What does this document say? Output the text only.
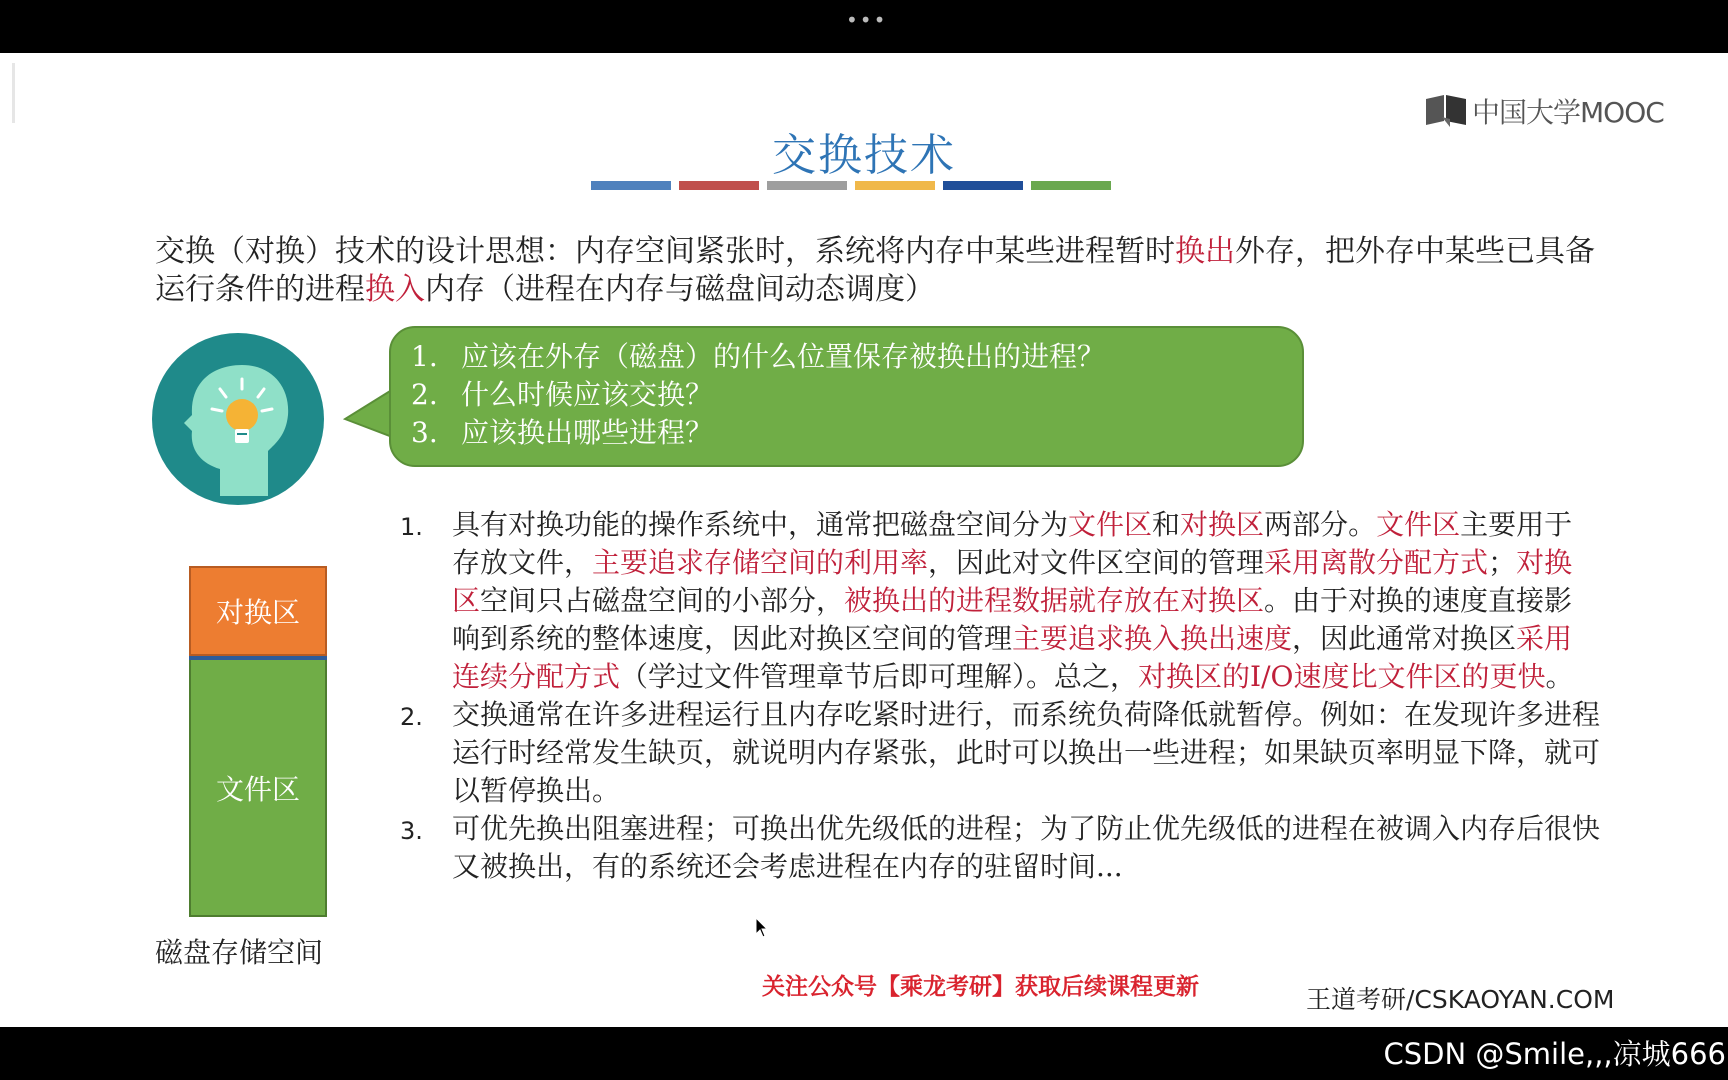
•••
中国大学MOOC
交换技术
交换（对换）技术的设计思想：内存空间紧张时，系统将内存中某些进程暂时换出外存，把外存中某些已具备运行条件的进程换入内存（进程在内存与磁盘间动态调度）
1. 应该在外存（磁盘）的什么位置保存被换出的进程？
2. 什么时候应该交换？
3. 应该换出哪些进程？
对换区
文件区
磁盘存储空间
1.	具有对换功能的操作系统中，通常把磁盘空间分为文件区和对换区两部分。文件区主要用于存放文件，主要追求存储空间的利用率，因此对文件区空间的管理采用离散分配方式；对换区空间只占磁盘空间的小部分，被换出的进程数据就存放在对换区。由于对换的速度直接影响到系统的整体速度，因此对换区空间的管理主要追求换入换出速度，因此通常对换区采用连续分配方式（学过文件管理章节后即可理解）。总之，对换区的I/O速度比文件区的更快。
2.	交换通常在许多进程运行且内存吃紧时进行，而系统负荷降低就暂停。例如：在发现许多进程运行时经常发生缺页，就说明内存紧张，此时可以换出一些进程；如果缺页率明显下降，就可以暂停换出。
3.	可优先换出阻塞进程；可换出优先级低的进程；为了防止优先级低的进程在被调入内存后很快又被换出，有的系统还会考虑进程在内存的驻留时间...
关注公众号【乘龙考研】获取后续课程更新	王道考研/CSKAOYAN.COM
CSDN @Smile,,,凉城666
